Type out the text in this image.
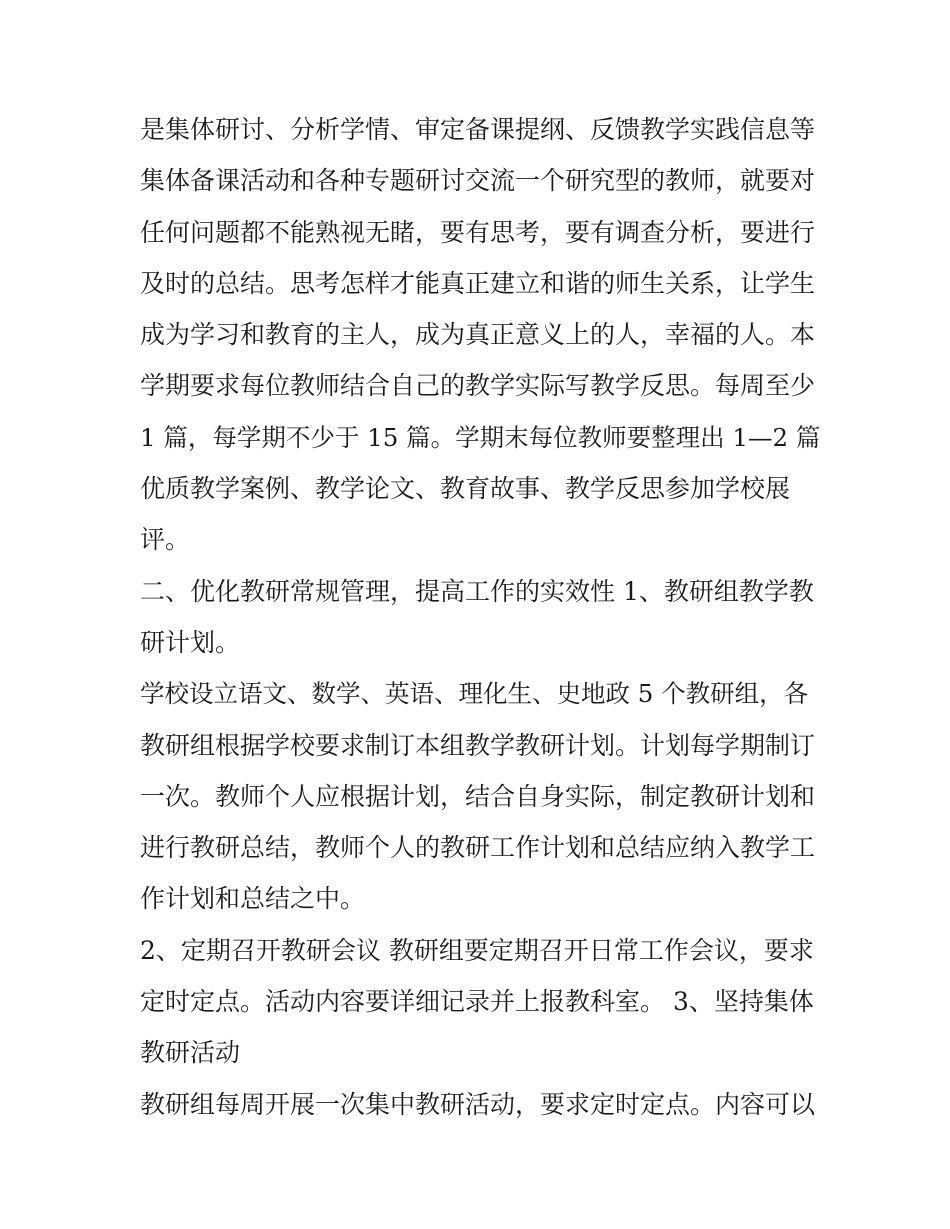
是集体研讨、分析学情、审定备课提纲、反馈教学实践信息等
集体备课活动和各种专题研讨交流一个研究型的教师，就要对
任何问题都不能熟视无睹，要有思考，要有调查分析，要进行
及时的总结。思考怎样才能真正建立和谐的师生关系，让学生
成为学习和教育的主人，成为真正意义上的人，幸福的人。本
学期要求每位教师结合自己的教学实际写教学反思。每周至少
1 篇，每学期不少于 15 篇。学期末每位教师要整理出 1—2 篇
优质教学案例、教学论文、教育故事、教学反思参加学校展
评。
二、优化教研常规管理，提高工作的实效性 1、教研组教学教
研计划。
学校设立语文、数学、英语、理化生、史地政 5 个教研组，各
教研组根据学校要求制订本组教学教研计划。计划每学期制订
一次。教师个人应根据计划，结合自身实际，制定教研计划和
进行教研总结，教师个人的教研工作计划和总结应纳入教学工
作计划和总结之中。
2、定期召开教研会议 教研组要定期召开日常工作会议，要求
定时定点。活动内容要详细记录并上报教科室。 3、坚持集体
教研活动
教研组每周开展一次集中教研活动，要求定时定点。内容可以
